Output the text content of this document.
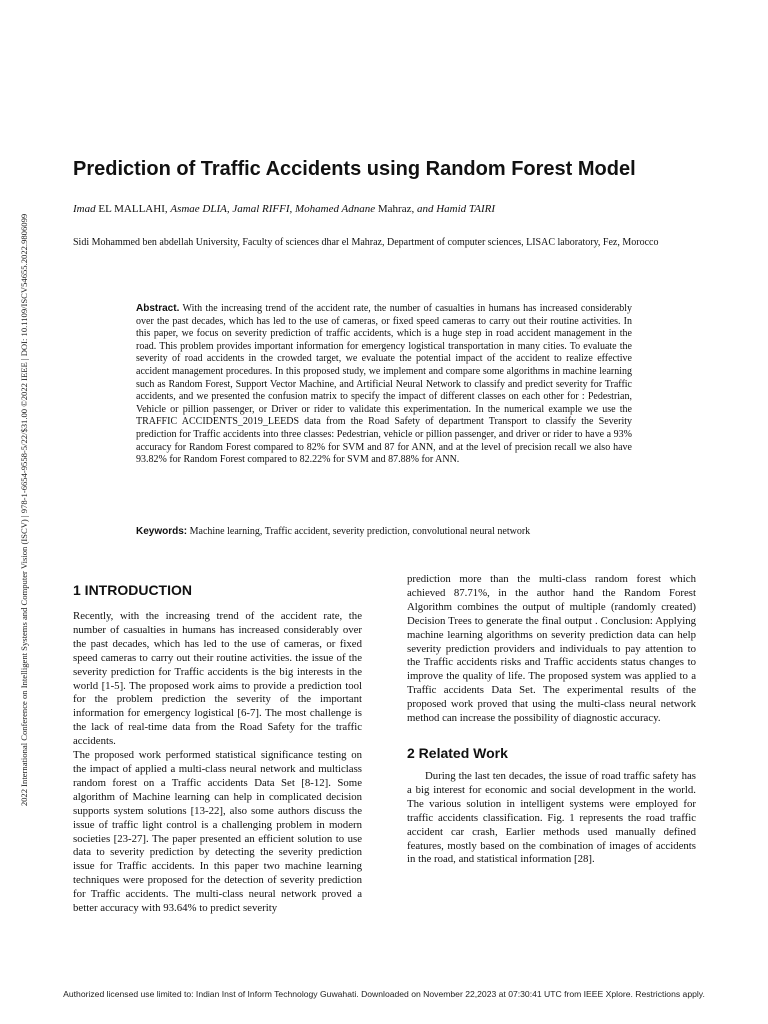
2022 International Conference on Intelligent Systems and Computer Vision (ISCV) | 978-1-6654-9558-5/22/$31.00 ©2022 IEEE | DOI: 10.1109/ISCV54655.2022.9806099
Prediction of Traffic Accidents using Random Forest Model

Imad EL MALLAHI, Asmae DLIA, Jamal RIFFI, Mohamed Adnane Mahraz, and Hamid TAIRI

Sidi Mohammed ben abdellah University, Faculty of sciences dhar el Mahraz, Department of computer sciences, LISAC laboratory, Fez, Morocco

Abstract. With the increasing trend of the accident rate, the number of casualties in humans has increased considerably over the past decades, which has led to the use of cameras, or fixed speed cameras to carry out their routine activities. In this paper, we focus on severity prediction of traffic accidents, which is a huge step in road accident management in the road. This problem provides important information for emergency logistical transportation in many cities. To evaluate the severity of road accidents in the crowded target, we evaluate the potential impact of the accident to realize effective accident management procedures. In this proposed study, we implement and compare some algorithms in machine learning such as Random Forest, Support Vector Machine, and Artificial Neural Network to classify and predict severity for Traffic accidents, and we presented the confusion matrix to specify the impact of different classes on each other for : Pedestrian, Vehicle or pillion passenger, or Driver or rider to validate this experimentation. In the numerical example we use the TRAFFIC ACCIDENTS_2019_LEEDS data from the Road Safety of department Transport to classify the Severity prediction for Traffic accidents into three classes: Pedestrian, vehicle or pillion passenger, and driver or rider to have a 93% accuracy for Random Forest compared to 82% for SVM and 87 for ANN, and at the level of precision recall we also have 93.82% for Random Forest compared to 82.22% for SVM and 87.88% for ANN.

Keywords: Machine learning, Traffic accident, severity prediction, convolutional neural network

1 INTRODUCTION

Recently, with the increasing trend of the accident rate, the number of casualties in humans has increased considerably over the past decades, which has led to the use of cameras, or fixed speed cameras to carry out their routine activities. the issue of the severity prediction for Traffic accidents is the big interests in the world [1-5]. The proposed work aims to provide a prediction tool for the problem prediction the severity of the important information for emergency logistical [6-7]. The most challenge is the lack of real-time data from the Road Safety for the traffic accidents.

The proposed work performed statistical significance testing on the impact of applied a multi-class neural network and multiclass random forest on a Traffic accidents Data Set [8-12]. Some algorithm of Machine learning can help in complicated decision supports system solutions [13-22], also some authors discuss the issue of traffic light control is a challenging problem in modern societies [23-27]. The paper presented an efficient solution to use data to severity prediction by detecting the severity prediction issue for Traffic accidents. In this paper two machine learning techniques were proposed for the detection of severity prediction for Traffic accidents. The multi-class neural network proved a better accuracy with 93.64% to predict severity

prediction more than the multi-class random forest which achieved 87.71%, in the author hand the Random Forest Algorithm combines the output of multiple (randomly created) Decision Trees to generate the final output . Conclusion: Applying machine learning algorithms on severity prediction data can help severity prediction providers and individuals to pay attention to the Traffic accidents risks and Traffic accidents status changes to improve the quality of life. The proposed system was applied to a Traffic accidents Data Set. The experimental results of the proposed work proved that using the multi-class neural network method can increase the possibility of diagnostic accuracy.

2 Related Work

During the last ten decades, the issue of road traffic safety has a big interest for economic and social development in the world. The various solution in intelligent systems were employed for traffic accidents classification. Fig. 1 represents the road traffic accident car crash, Earlier methods used manually defined features, mostly based on the combination of images of accidents in the road, and statistical information [28].

Authorized licensed use limited to: Indian Inst of Inform Technology Guwahati. Downloaded on November 22,2023 at 07:30:41 UTC from IEEE Xplore. Restrictions apply.
